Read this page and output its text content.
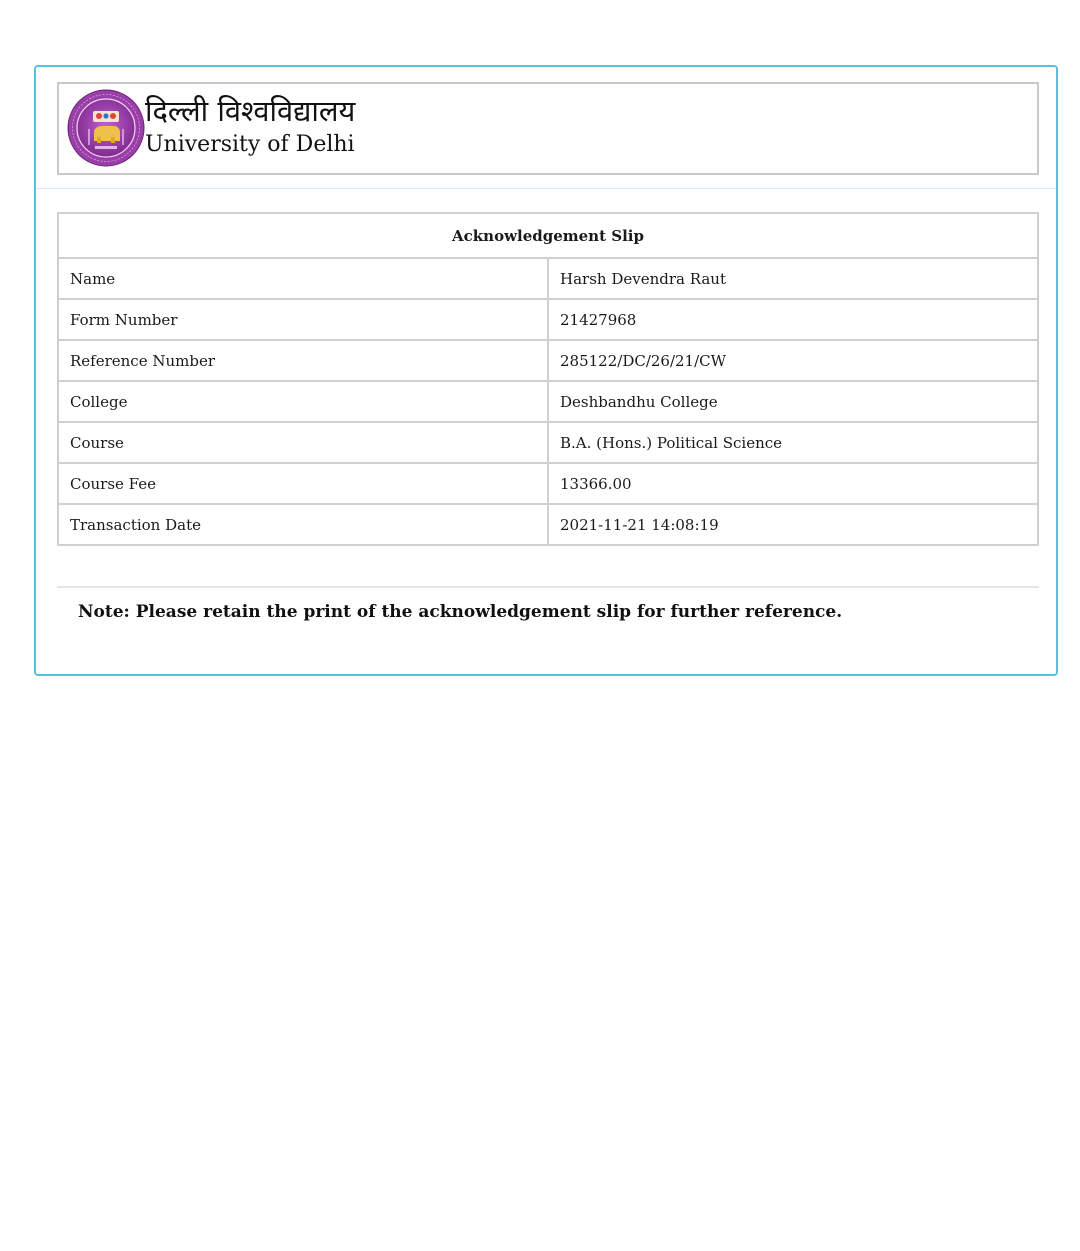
दिल्ली विश्वविद्यालय
University of Delhi
Acknowledgement Slip	
Name	Harsh Devendra Raut
Form Number	21427968
Reference Number	285122/DC/26/21/CW
College	Deshbandhu College
Course	B.A. (Hons.) Political Science
Course Fee	13366.00
Transaction Date	2021-11-21 14:08:19
Note: Please retain the print of the acknowledgement slip for further reference.
